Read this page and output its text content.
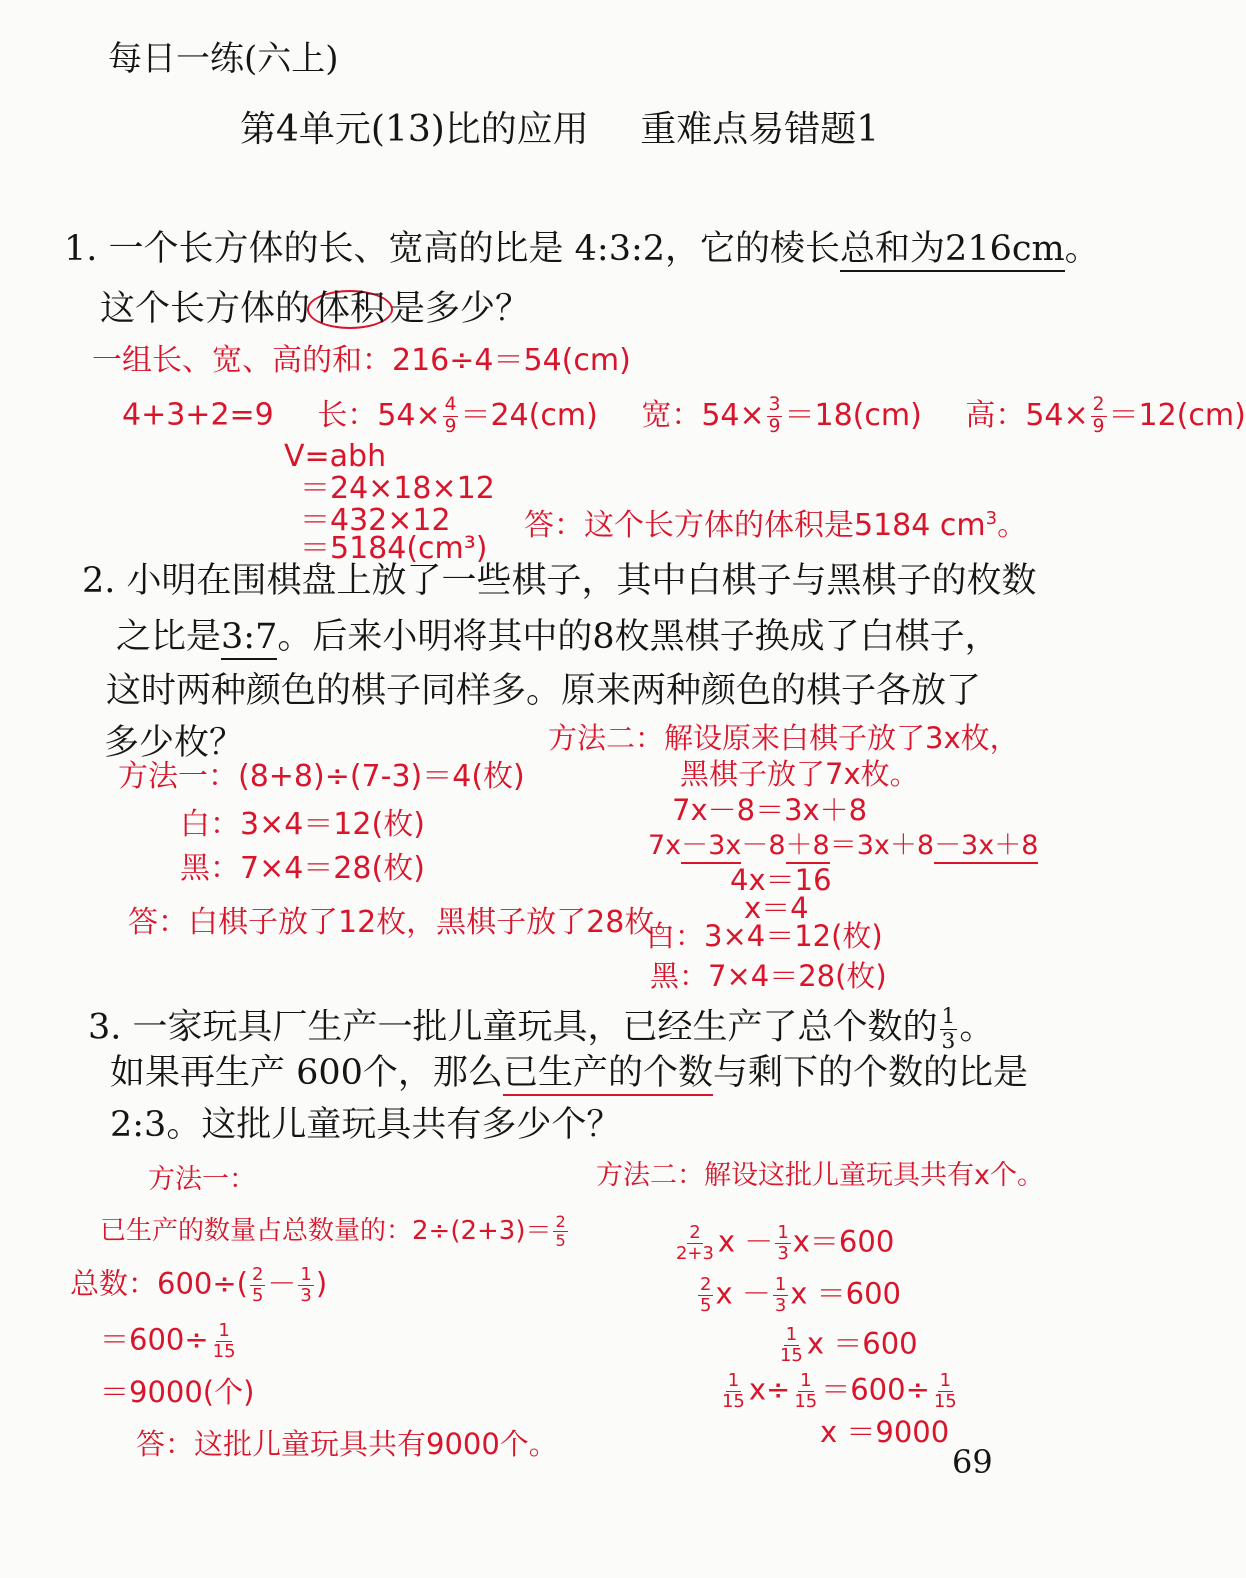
每日一练(六上)
第4单元(13)比的应用 重难点易错题1
1. 一个长方体的长、宽高的比是 4:3:2，它的棱长总和为216cm。
这个长方体的 体积 是多少？
一组长、宽、高的和：216÷4＝54(cm)
4+3+2=9 长：$54\times \frac{4}{9} =24(cm)$ 宽：$54\times \frac{3}{9} =18(cm)$ 高：$54\times \frac{2}{9} =12(cm)$
V=abh
＝24×18×12
＝432×12
＝5184(cm³)
答：这个长方体的体积是5184 $cm^3$。
2. 小明在围棋盘上放了一些棋子，其中白棋子与黑棋子的枚数
之比是3:7。后来小明将其中的8枚黑棋子换成了白棋子，
这时两种颜色的棋子同样多。原来两种颜色的棋子各放了
多少枚？
方法一：(8+8)÷(7-3)＝4(枚)
白：3×4＝12(枚)
黑：7×4＝28(枚)
答：白棋子放了12枚，黑棋子放了28枚。
方法二：解设原来白棋子放了3x枚，
黑棋子放了7x枚。
7x－8＝3x＋8
7x－3x－8＋8＝3x＋8－3x＋8
4x＝16
x＝4
白：3×4＝12(枚)
黑：7×4＝28(枚)
3. 一家玩具厂生产一批儿童玩具，已经生产了总个数的 $\frac{1}{3}$ 。
如果再生产 600个，那么已生产的个数与剩下的个数的比是
2:3。这批儿童玩具共有多少个？
方法一：
已生产的数量占总数量的：$2\div(2+3)= \frac{2}{5}$
总数：$600\div( \frac{2}{5} - \frac{1}{3}$ )
$=600\div \frac{1}{15}$
＝9000(个)
答：这批儿童玩具共有9000个。
方法二：解设这批儿童玩具共有x个。
$\frac{2}{2+3}$ $x - \frac{1}{3} x=600$
$\frac{2}{5}$ $x - \frac{1}{3}$ x ＝600
$\frac{1}{15}$ x ＝600
$\frac{1}{15} x\div \frac{1}{15} =600\div \frac{1}{15}$
x ＝9000
69
